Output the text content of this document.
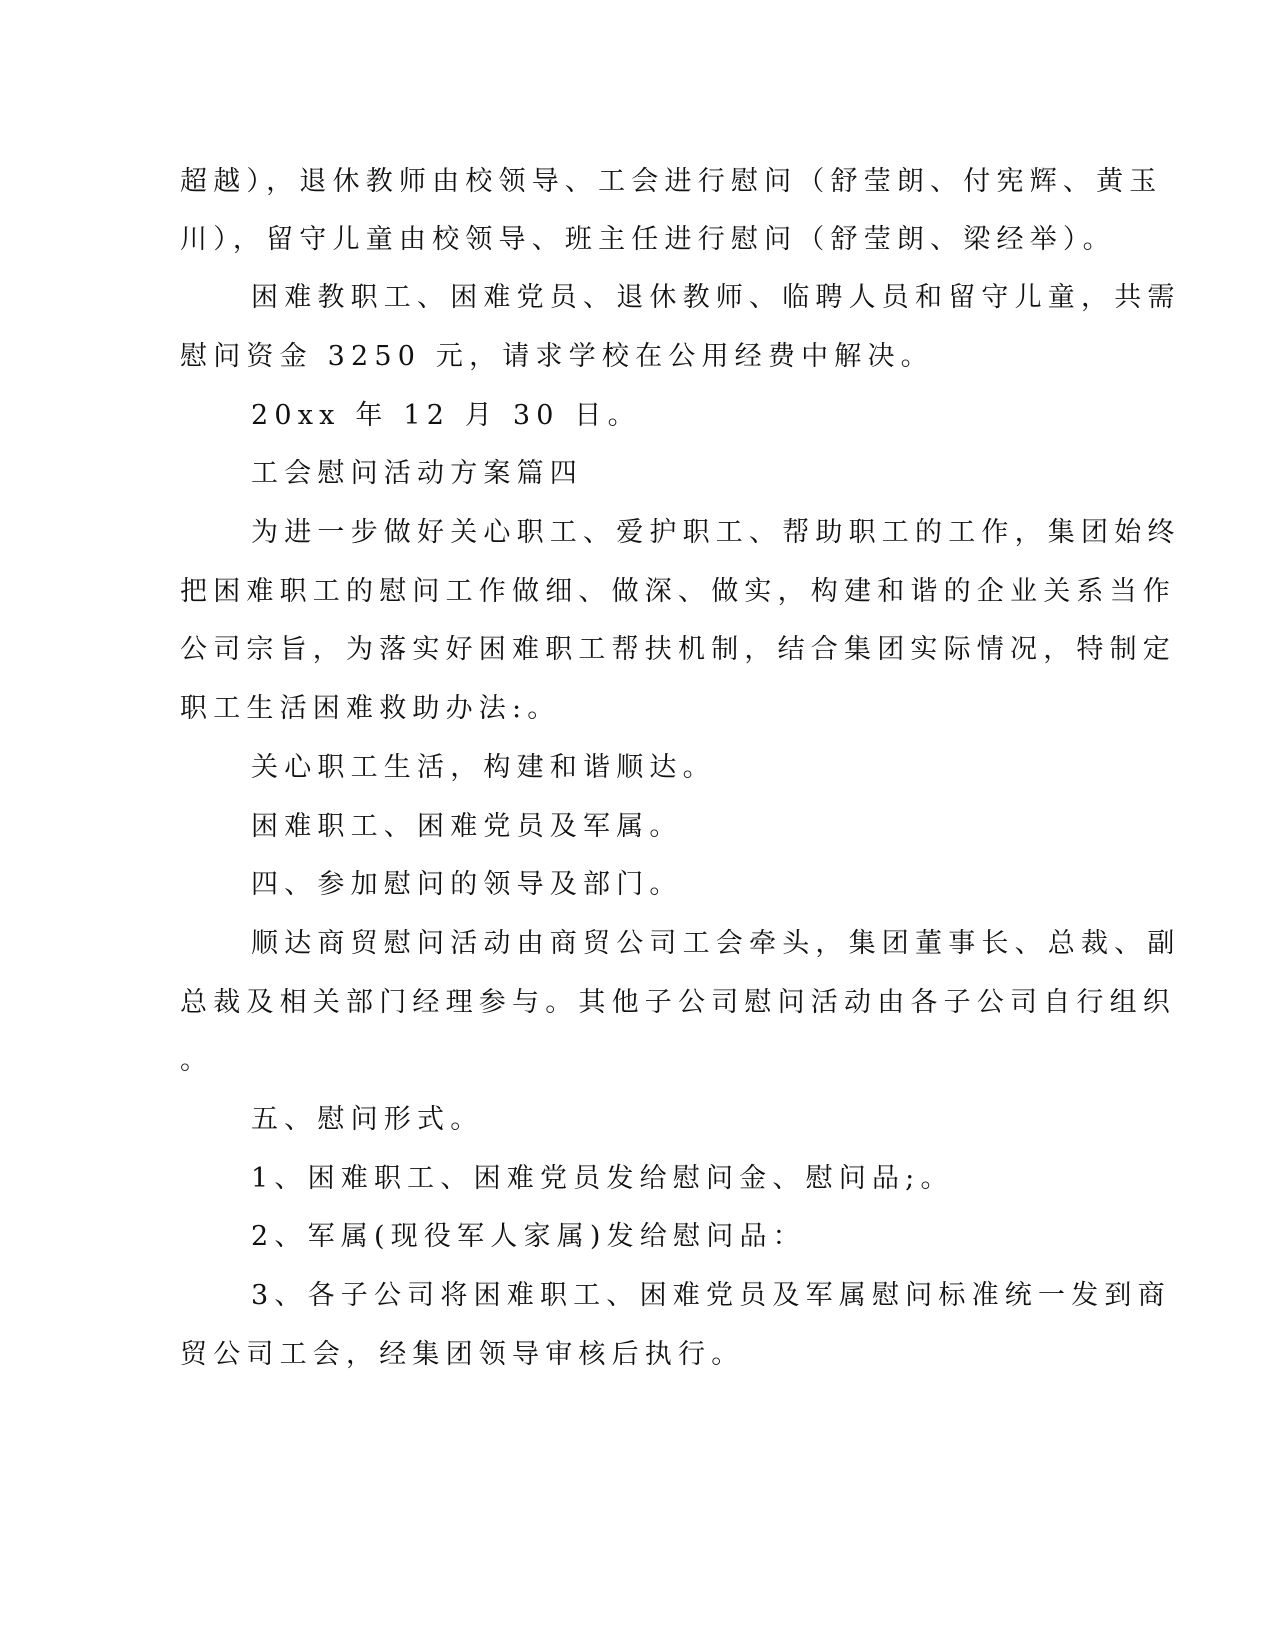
超越），退休教师由校领导、工会进行慰问（舒莹朗、付宪辉、黄玉
川），留守儿童由校领导、班主任进行慰问（舒莹朗、梁经举）。
困难教职工、困难党员、退休教师、临聘人员和留守儿童，共需
慰问资金 3250 元，请求学校在公用经费中解决。
20xx 年 12 月 30 日。
工会慰问活动方案篇四
为进一步做好关心职工、爱护职工、帮助职工的工作，集团始终
把困难职工的慰问工作做细、做深、做实，构建和谐的企业关系当作
公司宗旨，为落实好困难职工帮扶机制，结合集团实际情况，特制定
职工生活困难救助办法:。
关心职工生活，构建和谐顺达。
困难职工、困难党员及军属。
四、参加慰问的领导及部门。
顺达商贸慰问活动由商贸公司工会牵头，集团董事长、总裁、副
总裁及相关部门经理参与。其他子公司慰问活动由各子公司自行组织
。
五、慰问形式。
1、困难职工、困难党员发给慰问金、慰问品;。
2、军属(现役军人家属)发给慰问品：
3、各子公司将困难职工、困难党员及军属慰问标准统一发到商
贸公司工会，经集团领导审核后执行。
